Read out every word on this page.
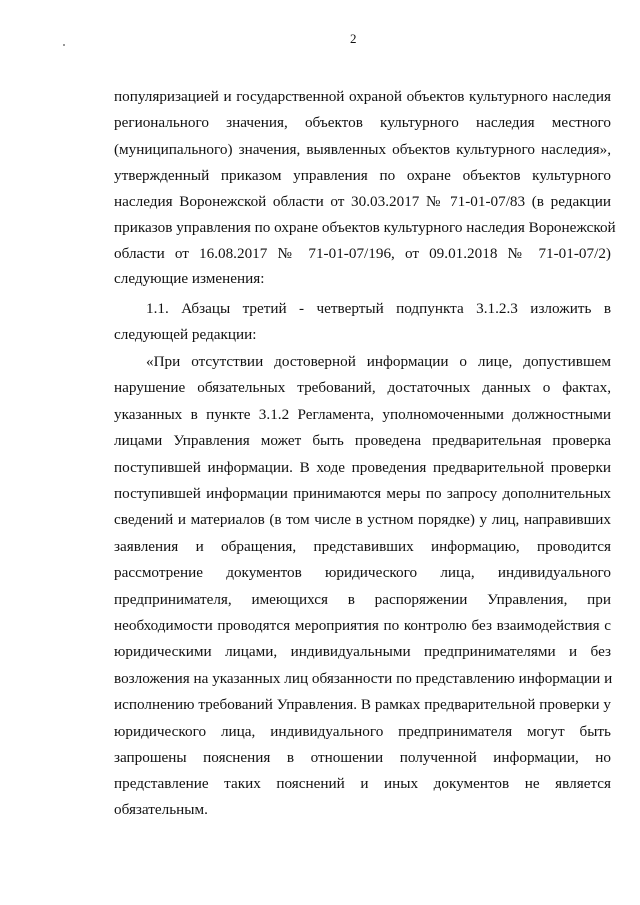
2
популяризацией и государственной охраной объектов культурного наследия
регионального значения, объектов культурного наследия местного
(муниципального) значения, выявленных объектов культурного наследия»,
утвержденный приказом управления по охране объектов культурного
наследия Воронежской области от 30.03.2017 № 71-01-07/83 (в редакции
приказов управления по охране объектов культурного наследия Воронежской
области от 16.08.2017 № 71-01-07/196, от 09.01.2018 № 71-01-07/2)
следующие изменения:
1.1. Абзацы третий - четвертый подпункта 3.1.2.3 изложить в
следующей редакции:
«При отсутствии достоверной информации о лице, допустившем
нарушение обязательных требований, достаточных данных о фактах,
указанных в пункте 3.1.2 Регламента, уполномоченными должностными
лицами Управления может быть проведена предварительная проверка
поступившей информации. В ходе проведения предварительной проверки
поступившей информации принимаются меры по запросу дополнительных
сведений и материалов (в том числе в устном порядке) у лиц, направивших
заявления и обращения, представивших информацию, проводится
рассмотрение документов юридического лица, индивидуального
предпринимателя, имеющихся в распоряжении Управления, при
необходимости проводятся мероприятия по контролю без взаимодействия с
юридическими лицами, индивидуальными предпринимателями и без
возложения на указанных лиц обязанности по представлению информации и
исполнению требований Управления. В рамках предварительной проверки у
юридического лица, индивидуального предпринимателя могут быть
запрошены пояснения в отношении полученной информации, но
представление таких пояснений и иных документов не является
обязательным.
